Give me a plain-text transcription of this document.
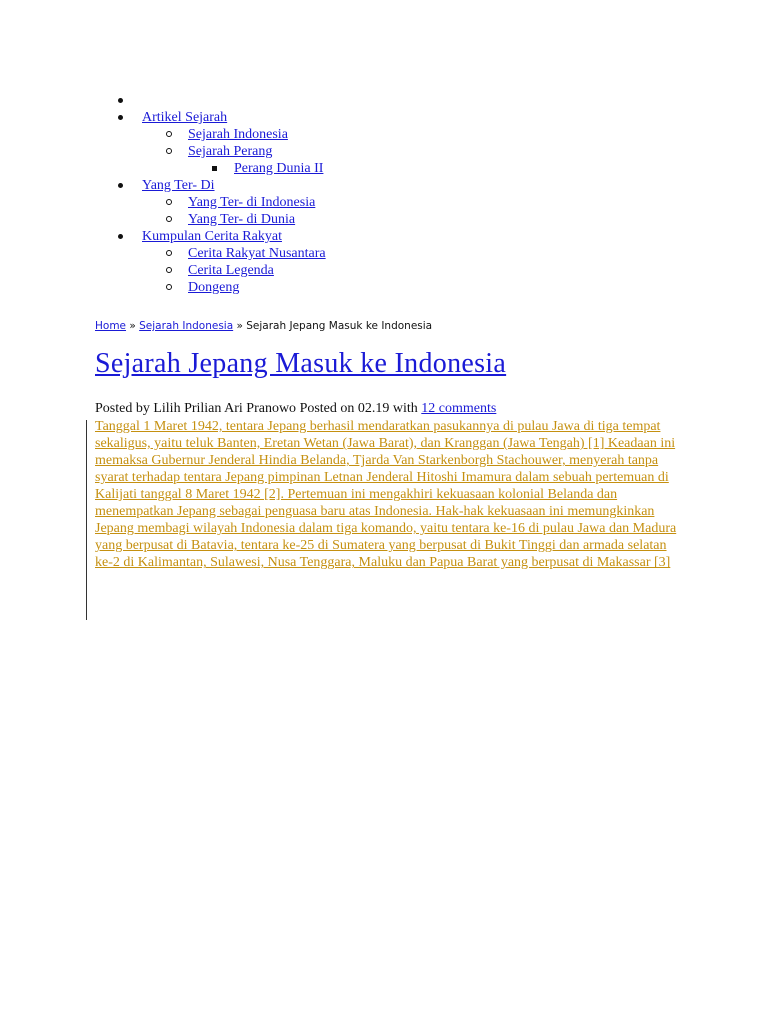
Artikel Sejarah
Sejarah Indonesia
Sejarah Perang
Perang Dunia II
Yang Ter- Di
Yang Ter- di Indonesia
Yang Ter- di Dunia
Kumpulan Cerita Rakyat
Cerita Rakyat Nusantara
Cerita Legenda
Dongeng
Home » Sejarah Indonesia » Sejarah Jepang Masuk ke Indonesia
Sejarah Jepang Masuk ke Indonesia
Posted by Lilih Prilian Ari Pranowo Posted on 02.19 with 12 comments
Tanggal 1 Maret 1942, tentara Jepang berhasil mendaratkan pasukannya di pulau Jawa di tiga tempat sekaligus, yaitu teluk Banten, Eretan Wetan (Jawa Barat), dan Kranggan (Jawa Tengah) [1] Keadaan ini memaksa Gubernur Jenderal Hindia Belanda, Tjarda Van Starkenborgh Stachouwer, menyerah tanpa syarat terhadap tentara Jepang pimpinan Letnan Jenderal Hitoshi Imamura dalam sebuah pertemuan di Kalijati tanggal 8 Maret 1942 [2]. Pertemuan ini mengakhiri kekuasaan kolonial Belanda dan menempatkan Jepang sebagai penguasa baru atas Indonesia. Hak-hak kekuasaan ini memungkinkan Jepang membagi wilayah Indonesia dalam tiga komando, yaitu tentara ke-16 di pulau Jawa dan Madura yang berpusat di Batavia, tentara ke-25 di Sumatera yang berpusat di Bukit Tinggi dan armada selatan ke-2 di Kalimantan, Sulawesi, Nusa Tenggara, Maluku dan Papua Barat yang berpusat di Makassar [3]
